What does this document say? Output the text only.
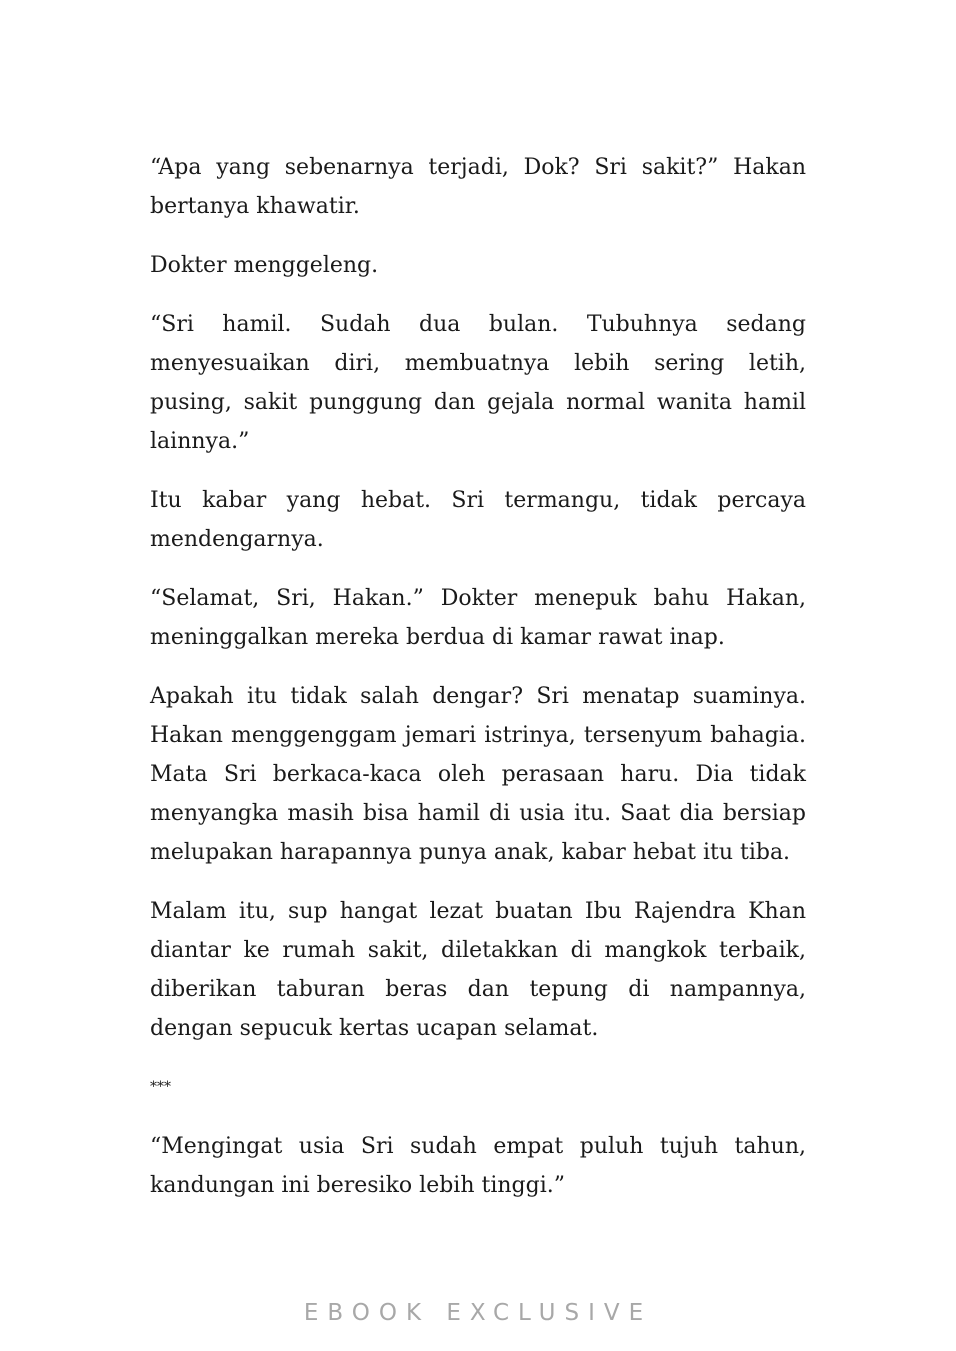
“Apa yang sebenarnya terjadi, Dok? Sri sakit?” Hakan bertanya khawatir.

Dokter menggeleng.

“Sri hamil. Sudah dua bulan. Tubuhnya sedang menyesuaikan diri, membuatnya lebih sering letih, pusing, sakit punggung dan gejala normal wanita hamil lainnya.”

Itu kabar yang hebat. Sri termangu, tidak percaya mendengarnya.

“Selamat, Sri, Hakan.” Dokter menepuk bahu Hakan, meninggalkan mereka berdua di kamar rawat inap.

Apakah itu tidak salah dengar? Sri menatap suaminya. Hakan menggenggam jemari istrinya, tersenyum bahagia. Mata Sri berkaca-kaca oleh perasaan haru. Dia tidak menyangka masih bisa hamil di usia itu. Saat dia bersiap melupakan harapannya punya anak, kabar hebat itu tiba.

Malam itu, sup hangat lezat buatan Ibu Rajendra Khan diantar ke rumah sakit, diletakkan di mangkok terbaik, diberikan taburan beras dan tepung di nampannya, dengan sepucuk kertas ucapan selamat.

***

“Mengingat usia Sri sudah empat puluh tujuh tahun, kandungan ini beresiko lebih tinggi.”

EBOOK EXCLUSIVE
